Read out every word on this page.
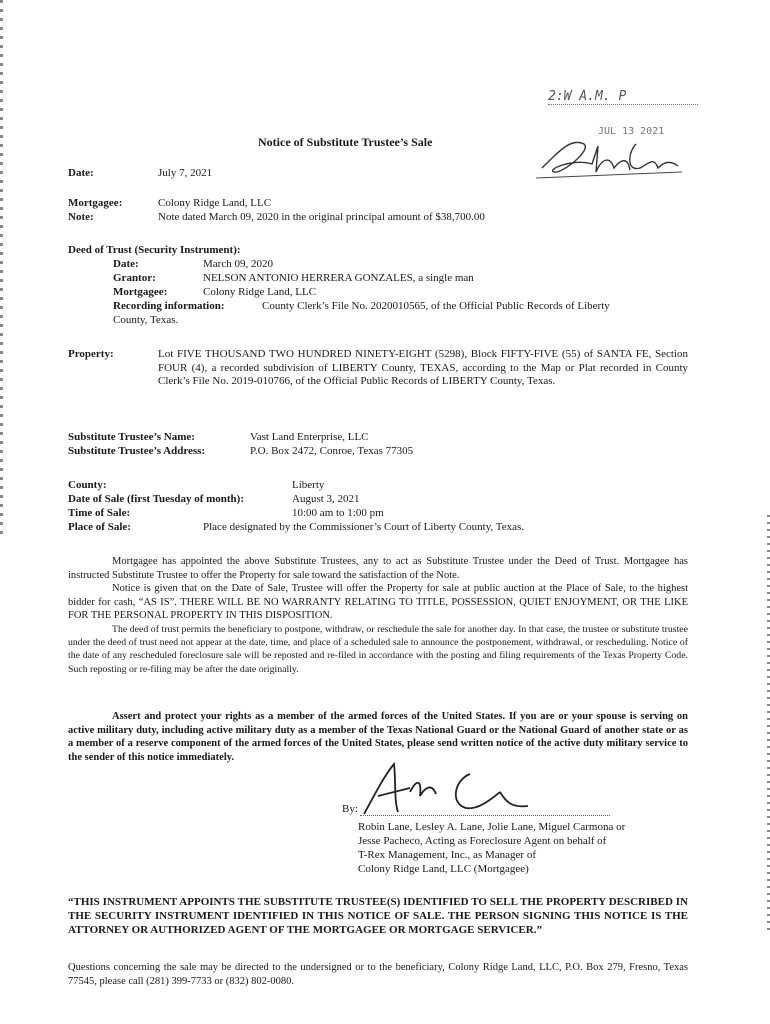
2:W A.M. P
JUL 13 2021
Notice of Substitute Trustee’s Sale
Date:	July 7, 2021
Mortgagee:	Colony Ridge Land, LLC
Note:	Note dated March 09, 2020 in the original principal amount of $38,700.00
Deed of Trust (Security Instrument):
Date:	March 09, 2020
Grantor:	NELSON ANTONIO HERRERA GONZALES, a single man
Mortgagee:	Colony Ridge Land, LLC
Recording information:	County Clerk’s File No. 2020010565, of the Official Public Records of Liberty
County, Texas.
Property:	Lot FIVE THOUSAND TWO HUNDRED NINETY-EIGHT (5298), Block FIFTY-FIVE (55) of SANTA FE, Section FOUR (4), a recorded subdivision of LIBERTY County, TEXAS, according to the Map or Plat recorded in County Clerk’s File No. 2019-010766, of the Official Public Records of LIBERTY County, Texas.
Substitute Trustee’s Name:	Vast Land Enterprise, LLC
Substitute Trustee’s Address:	P.O. Box 2472, Conroe, Texas 77305
County:	Liberty
Date of Sale (first Tuesday of month):	August 3, 2021
Time of Sale:	10:00 am to 1:00 pm
Place of Sale:	Place designated by the Commissioner’s Court of Liberty County, Texas.
Mortgagee has appointed the above Substitute Trustees, any to act as Substitute Trustee under the Deed of Trust. Mortgagee has instructed Substitute Trustee to offer the Property for sale toward the satisfaction of the Note.
Notice is given that on the Date of Sale, Trustee will offer the Property for sale at public auction at the Place of Sale, to the highest bidder for cash, “AS IS”. THERE WILL BE NO WARRANTY RELATING TO TITLE, POSSESSION, QUIET ENJOYMENT, OR THE LIKE FOR THE PERSONAL PROPERTY IN THIS DISPOSITION.
The deed of trust permits the beneficiary to postpone, withdraw, or reschedule the sale for another day. In that case, the trustee or substitute trustee under the deed of trust need not appear at the date, time, and place of a scheduled sale to announce the postponement, withdrawal, or rescheduling. Notice of the date of any rescheduled foreclosure sale will be reposted and re-filed in accordance with the posting and filing requirements of the Texas Property Code. Such reposting or re-filing may be after the date originally.
Assert and protect your rights as a member of the armed forces of the United States. If you are or your spouse is serving on active military duty, including active military duty as a member of the Texas National Guard or the National Guard of another state or as a member of a reserve component of the armed forces of the United States, please send written notice of the active duty military service to the sender of this notice immediately.
By:
Robin Lane, Lesley A. Lane, Jolie Lane, Miguel Carmona or
Jesse Pacheco, Acting as Foreclosure Agent on behalf of
T-Rex Management, Inc., as Manager of
Colony Ridge Land, LLC (Mortgagee)
“THIS INSTRUMENT APPOINTS THE SUBSTITUTE TRUSTEE(S) IDENTIFIED TO SELL THE PROPERTY DESCRIBED IN THE SECURITY INSTRUMENT IDENTIFIED IN THIS NOTICE OF SALE. THE PERSON SIGNING THIS NOTICE IS THE ATTORNEY OR AUTHORIZED AGENT OF THE MORTGAGEE OR MORTGAGE SERVICER.”
Questions concerning the sale may be directed to the undersigned or to the beneficiary, Colony Ridge Land, LLC, P.O. Box 279, Fresno, Texas 77545, please call (281) 399-7733 or (832) 802-0080.
